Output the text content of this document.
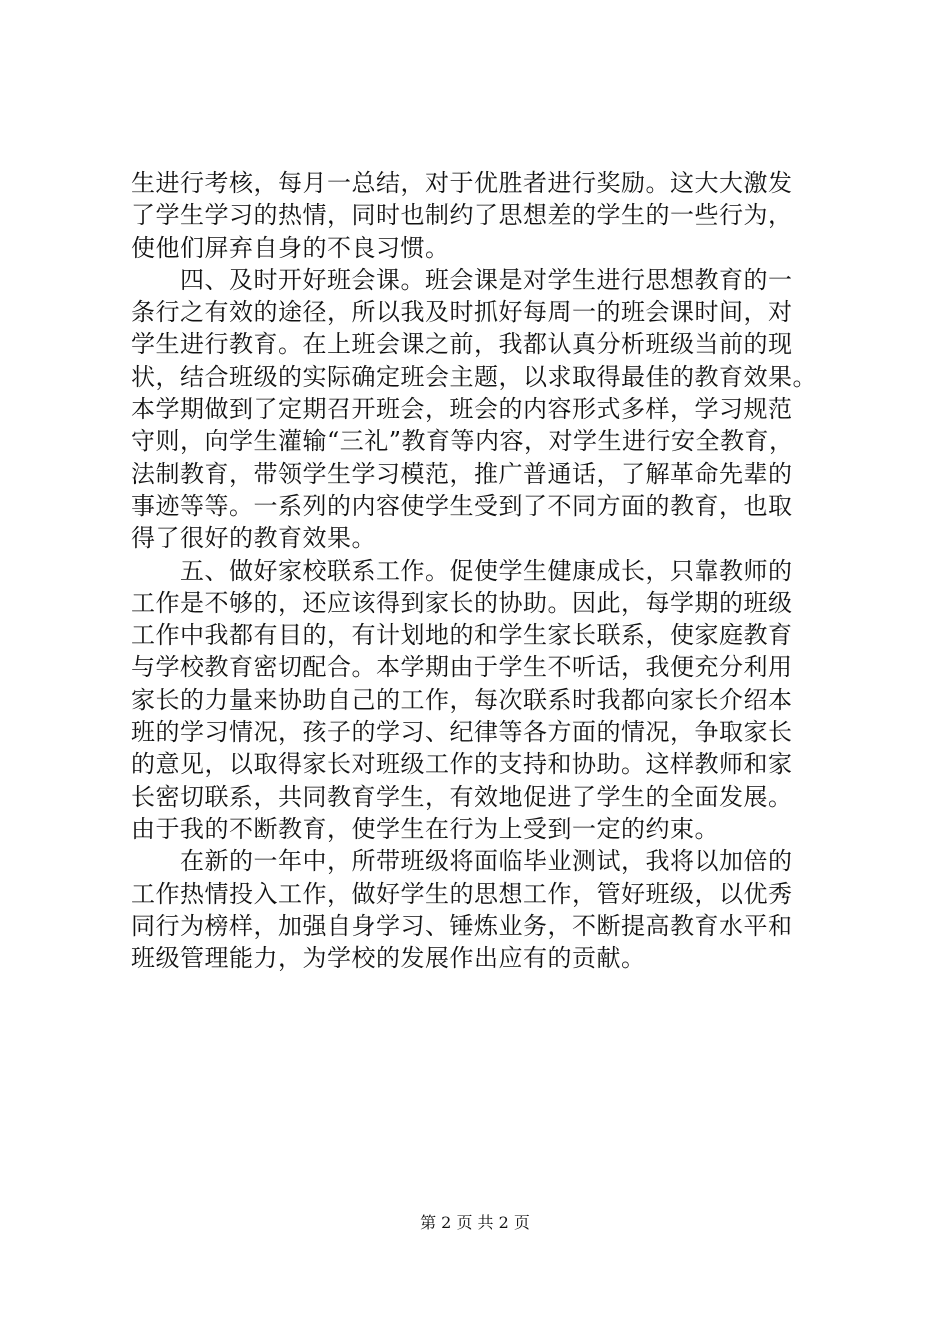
生进行考核，每月一总结，对于优胜者进行奖励。这大大激发
了学生学习的热情，同时也制约了思想差的学生的一些行为，
使他们屏弃自身的不良习惯。
　　四、及时开好班会课。班会课是对学生进行思想教育的一
条行之有效的途径，所以我及时抓好每周一的班会课时间，对
学生进行教育。在上班会课之前，我都认真分析班级当前的现
状，结合班级的实际确定班会主题，以求取得最佳的教育效果。
本学期做到了定期召开班会，班会的内容形式多样，学习规范
守则，向学生灌输“三礼”教育等内容，对学生进行安全教育，
法制教育，带领学生学习模范，推广普通话，了解革命先辈的
事迹等等。一系列的内容使学生受到了不同方面的教育，也取
得了很好的教育效果。
　　五、做好家校联系工作。促使学生健康成长，只靠教师的
工作是不够的，还应该得到家长的协助。因此，每学期的班级
工作中我都有目的，有计划地的和学生家长联系，使家庭教育
与学校教育密切配合。本学期由于学生不听话，我便充分利用
家长的力量来协助自己的工作，每次联系时我都向家长介绍本
班的学习情况，孩子的学习、纪律等各方面的情况，争取家长
的意见，以取得家长对班级工作的支持和协助。这样教师和家
长密切联系，共同教育学生，有效地促进了学生的全面发展。
由于我的不断教育，使学生在行为上受到一定的约束。
　　在新的一年中，所带班级将面临毕业测试，我将以加倍的
工作热情投入工作，做好学生的思想工作，管好班级，以优秀
同行为榜样，加强自身学习、锤炼业务，不断提高教育水平和
班级管理能力，为学校的发展作出应有的贡献。
第 2 页 共 2 页
